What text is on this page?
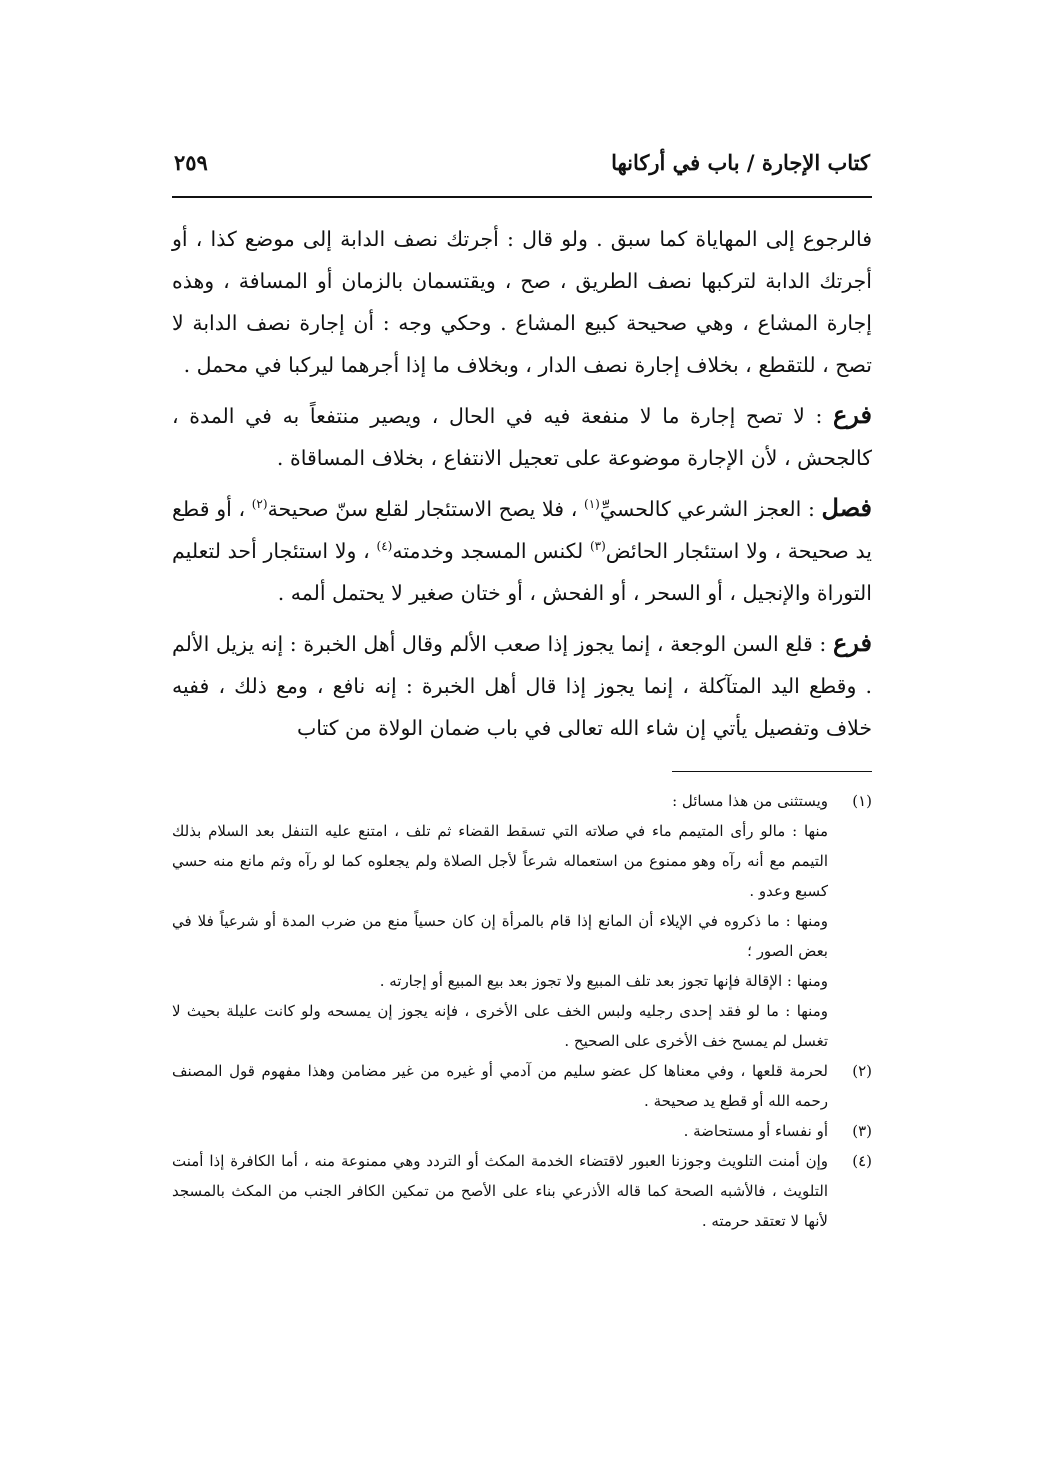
كتاب الإجارة / باب في أركانها
٢٥٩

فالرجوع إلى المهاياة كما سبق . ولو قال : أجرتك نصف الدابة إلى موضع كذا ، أو أجرتك الدابة لتركبها نصف الطريق ، صح ، ويقتسمان بالزمان أو المسافة ، وهذه إجارة المشاع ، وهي صحيحة كبيع المشاع . وحكي وجه : أن إجارة نصف الدابة لا تصح ، للتقطع ، بخلاف إجارة نصف الدار ، وبخلاف ما إذا أجرهما ليركبا في محمل .

فرع : لا تصح إجارة ما لا منفعة فيه في الحال ، ويصير منتفعاً به في المدة ، كالجحش ، لأن الإجارة موضوعة على تعجيل الانتفاع ، بخلاف المساقاة .

فصل : العجز الشرعي كالحسيِّ$^{(١)}$ ، فلا يصح الاستئجار لقلع سنّ صحيحة$^{(٢)}$ ، أو قطع يد صحيحة ، ولا استئجار الحائض$^{(٣)}$ لكنس المسجد وخدمته$^{(٤)}$ ، ولا استئجار أحد لتعليم التوراة والإنجيل ، أو السحر ، أو الفحش ، أو ختان صغير لا يحتمل ألمه .

فرع : قلع السن الوجعة ، إنما يجوز إذا صعب الألم وقال أهل الخبرة : إنه يزيل الألم . وقطع اليد المتآكلة ، إنما يجوز إذا قال أهل الخبرة : إنه نافع ، ومع ذلك ، ففيه خلاف وتفصيل يأتي إن شاء الله تعالى في باب ضمان الولاة من كتاب

(١)

ويستثنى من هذا مسائل :

منها : مالو رأى المتيمم ماء في صلاته التي تسقط القضاء ثم تلف ، امتنع عليه التنفل بعد السلام بذلك التيمم مع أنه رآه وهو ممنوع من استعماله شرعاً لأجل الصلاة ولم يجعلوه كما لو رآه وثم مانع منه حسي كسبع وعدو .

ومنها : ما ذكروه في الإيلاء أن المانع إذا قام بالمرأة إن كان حسياً منع من ضرب المدة أو شرعياً فلا في بعض الصور ؛

ومنها : الإقالة فإنها تجوز بعد تلف المبيع ولا تجوز بعد بيع المبيع أو إجارته .

ومنها : ما لو فقد إحدى رجليه ولبس الخف على الأخرى ، فإنه يجوز إن يمسحه ولو كانت عليلة بحيث لا تغسل لم يمسح خف الأخرى على الصحيح .

(٢)
لحرمة قلعها ، وفي معناها كل عضو سليم من آدمي أو غيره من غير مضامن وهذا مفهوم قول المصنف رحمه الله أو قطع يد صحيحة .
(٣)
أو نفساء أو مستحاضة .
(٤)
وإن أمنت التلويث وجوزنا العبور لاقتضاء الخدمة المكث أو التردد وهي ممنوعة منه ، أما الكافرة إذا أمنت التلويث ، فالأشبه الصحة كما قاله الأذرعي بناء على الأصح من تمكين الكافر الجنب من المكث بالمسجد لأنها لا تعتقد حرمته .
